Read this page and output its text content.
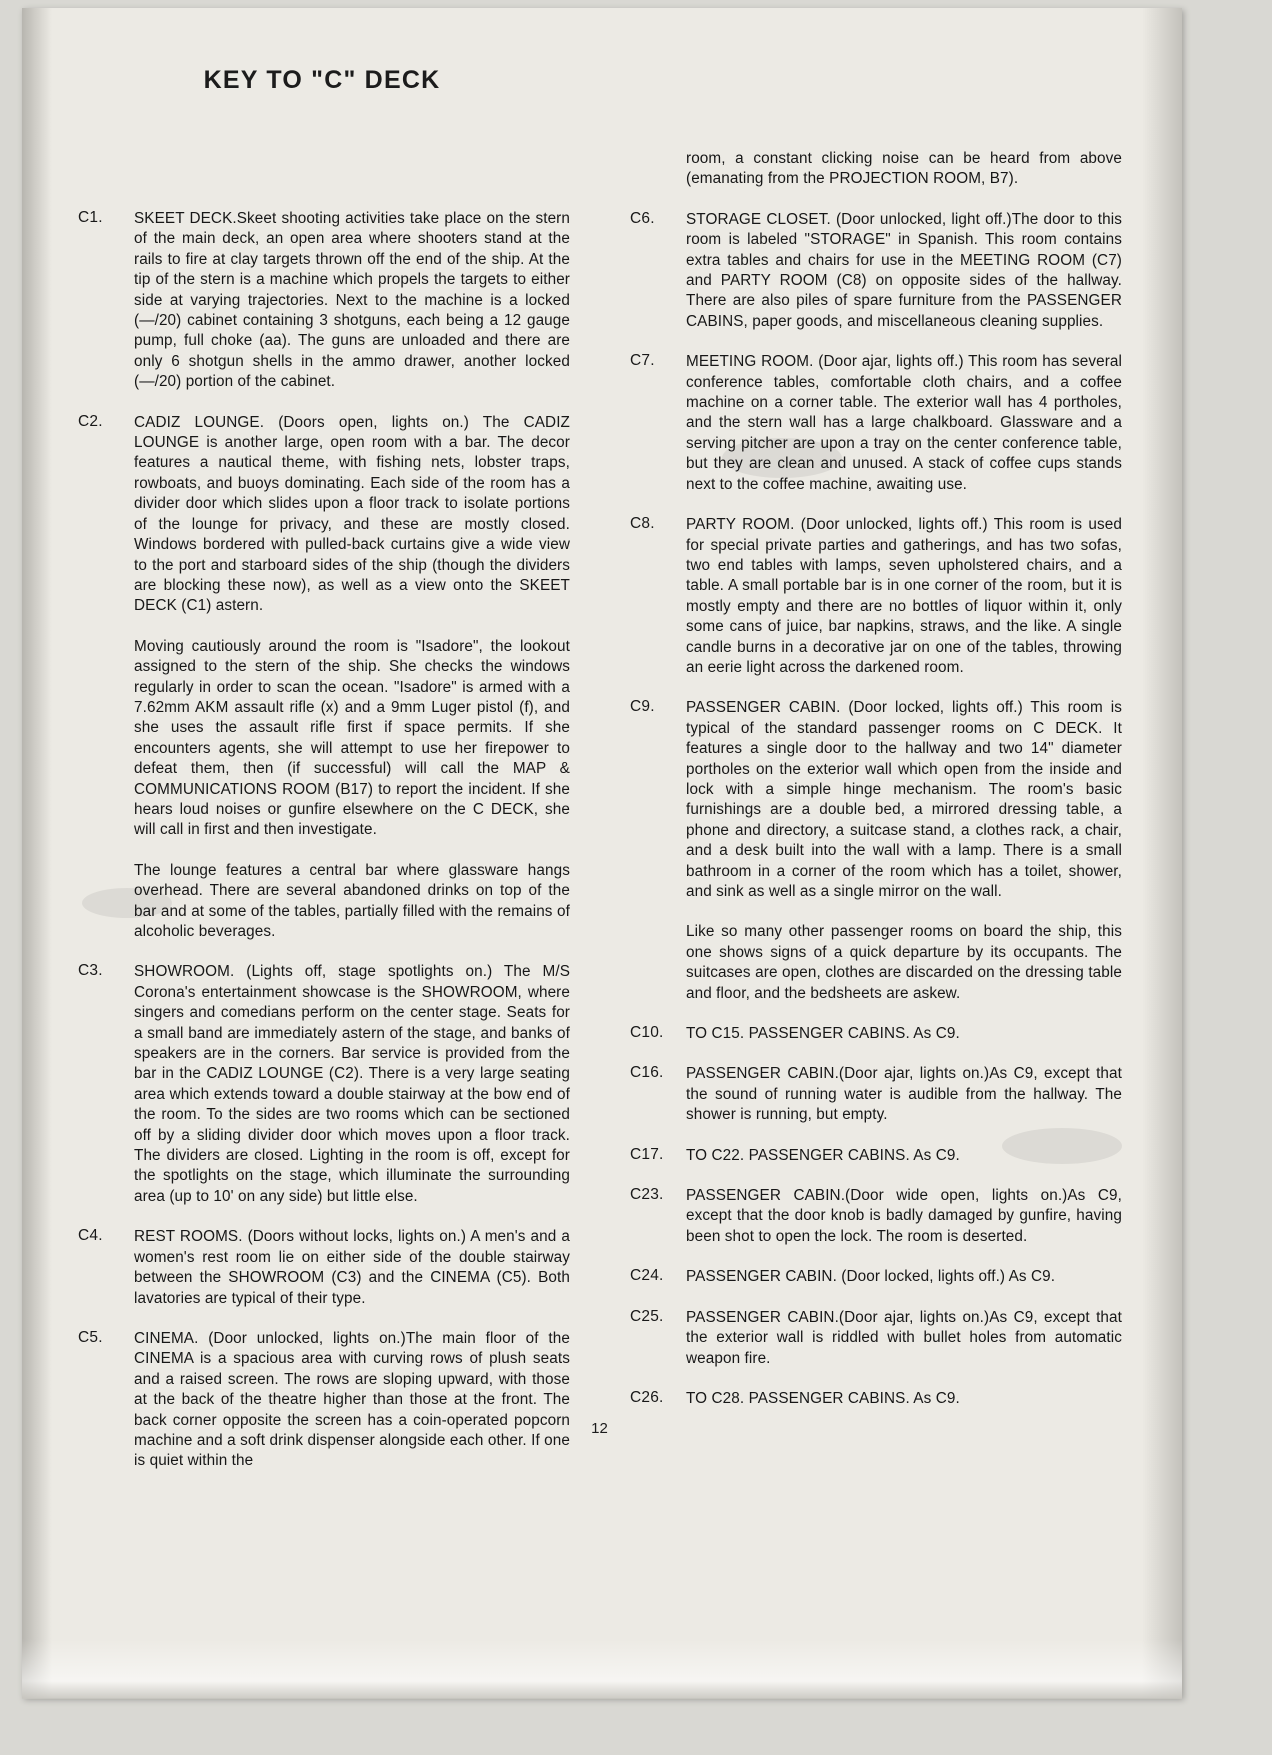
KEY TO "C" DECK
C1.	SKEET DECK.Skeet shooting activities take place on the stern of the main deck, an open area where shooters stand at the rails to fire at clay targets thrown off the end of the ship. At the tip of the stern is a machine which propels the targets to either side at varying trajectories. Next to the machine is a locked (—/20) cabinet containing 3 shotguns, each being a 12 gauge pump, full choke (aa). The guns are unloaded and there are only 6 shotgun shells in the ammo drawer, another locked (—/20) portion of the cabinet.
C2.	CADIZ LOUNGE. (Doors open, lights on.) The CADIZ LOUNGE is another large, open room with a bar. The decor features a nautical theme, with fishing nets, lobster traps, rowboats, and buoys dominating. Each side of the room has a divider door which slides upon a floor track to isolate portions of the lounge for privacy, and these are mostly closed. Windows bordered with pulled-back curtains give a wide view to the port and starboard sides of the ship (though the dividers are blocking these now), as well as a view onto the SKEET DECK (C1) astern.
Moving cautiously around the room is "Isadore", the lookout assigned to the stern of the ship. She checks the windows regularly in order to scan the ocean. "Isadore" is armed with a 7.62mm AKM assault rifle (x) and a 9mm Luger pistol (f), and she uses the assault rifle first if space permits. If she encounters agents, she will attempt to use her firepower to defeat them, then (if successful) will call the MAP & COMMUNICATIONS ROOM (B17) to report the incident. If she hears loud noises or gunfire elsewhere on the C DECK, she will call in first and then investigate.
The lounge features a central bar where glassware hangs overhead. There are several abandoned drinks on top of the bar and at some of the tables, partially filled with the remains of alcoholic beverages.
C3.	SHOWROOM. (Lights off, stage spotlights on.) The M/S Corona's entertainment showcase is the SHOWROOM, where singers and comedians perform on the center stage. Seats for a small band are immediately astern of the stage, and banks of speakers are in the corners. Bar service is provided from the bar in the CADIZ LOUNGE (C2). There is a very large seating area which extends toward a double stairway at the bow end of the room. To the sides are two rooms which can be sectioned off by a sliding divider door which moves upon a floor track. The dividers are closed. Lighting in the room is off, except for the spotlights on the stage, which illuminate the surrounding area (up to 10' on any side) but little else.
C4.	REST ROOMS. (Doors without locks, lights on.) A men's and a women's rest room lie on either side of the double stairway between the SHOWROOM (C3) and the CINEMA (C5). Both lavatories are typical of their type.
C5.	CINEMA. (Door unlocked, lights on.)The main floor of the CINEMA is a spacious area with curving rows of plush seats and a raised screen. The rows are sloping upward, with those at the back of the theatre higher than those at the front. The back corner opposite the screen has a coin-operated popcorn machine and a soft drink dispenser alongside each other. If one is quiet within the
room, a constant clicking noise can be heard from above (emanating from the PROJECTION ROOM, B7).
C6.	STORAGE CLOSET. (Door unlocked, light off.)The door to this room is labeled "STORAGE" in Spanish. This room contains extra tables and chairs for use in the MEETING ROOM (C7) and PARTY ROOM (C8) on opposite sides of the hallway. There are also piles of spare furniture from the PASSENGER CABINS, paper goods, and miscellaneous cleaning supplies.
C7.	MEETING ROOM. (Door ajar, lights off.) This room has several conference tables, comfortable cloth chairs, and a coffee machine on a corner table. The exterior wall has 4 portholes, and the stern wall has a large chalkboard. Glassware and a serving pitcher are upon a tray on the center conference table, but they are clean and unused. A stack of coffee cups stands next to the coffee machine, awaiting use.
C8.	PARTY ROOM. (Door unlocked, lights off.) This room is used for special private parties and gatherings, and has two sofas, two end tables with lamps, seven upholstered chairs, and a table. A small portable bar is in one corner of the room, but it is mostly empty and there are no bottles of liquor within it, only some cans of juice, bar napkins, straws, and the like. A single candle burns in a decorative jar on one of the tables, throwing an eerie light across the darkened room.
C9.	PASSENGER CABIN. (Door locked, lights off.) This room is typical of the standard passenger rooms on C DECK. It features a single door to the hallway and two 14" diameter portholes on the exterior wall which open from the inside and lock with a simple hinge mechanism. The room's basic furnishings are a double bed, a mirrored dressing table, a phone and directory, a suitcase stand, a clothes rack, a chair, and a desk built into the wall with a lamp. There is a small bathroom in a corner of the room which has a toilet, shower, and sink as well as a single mirror on the wall.
Like so many other passenger rooms on board the ship, this one shows signs of a quick departure by its occupants. The suitcases are open, clothes are discarded on the dressing table and floor, and the bedsheets are askew.
C10.	TO C15. PASSENGER CABINS. As C9.
C16.	PASSENGER CABIN.(Door ajar, lights on.)As C9, except that the sound of running water is audible from the hallway. The shower is running, but empty.
C17.	TO C22. PASSENGER CABINS. As C9.
C23.	PASSENGER CABIN.(Door wide open, lights on.)As C9, except that the door knob is badly damaged by gunfire, having been shot to open the lock. The room is deserted.
C24.	PASSENGER CABIN. (Door locked, lights off.) As C9.
C25.	PASSENGER CABIN.(Door ajar, lights on.)As C9, except that the exterior wall is riddled with bullet holes from automatic weapon fire.
C26.	TO C28. PASSENGER CABINS. As C9.
12
